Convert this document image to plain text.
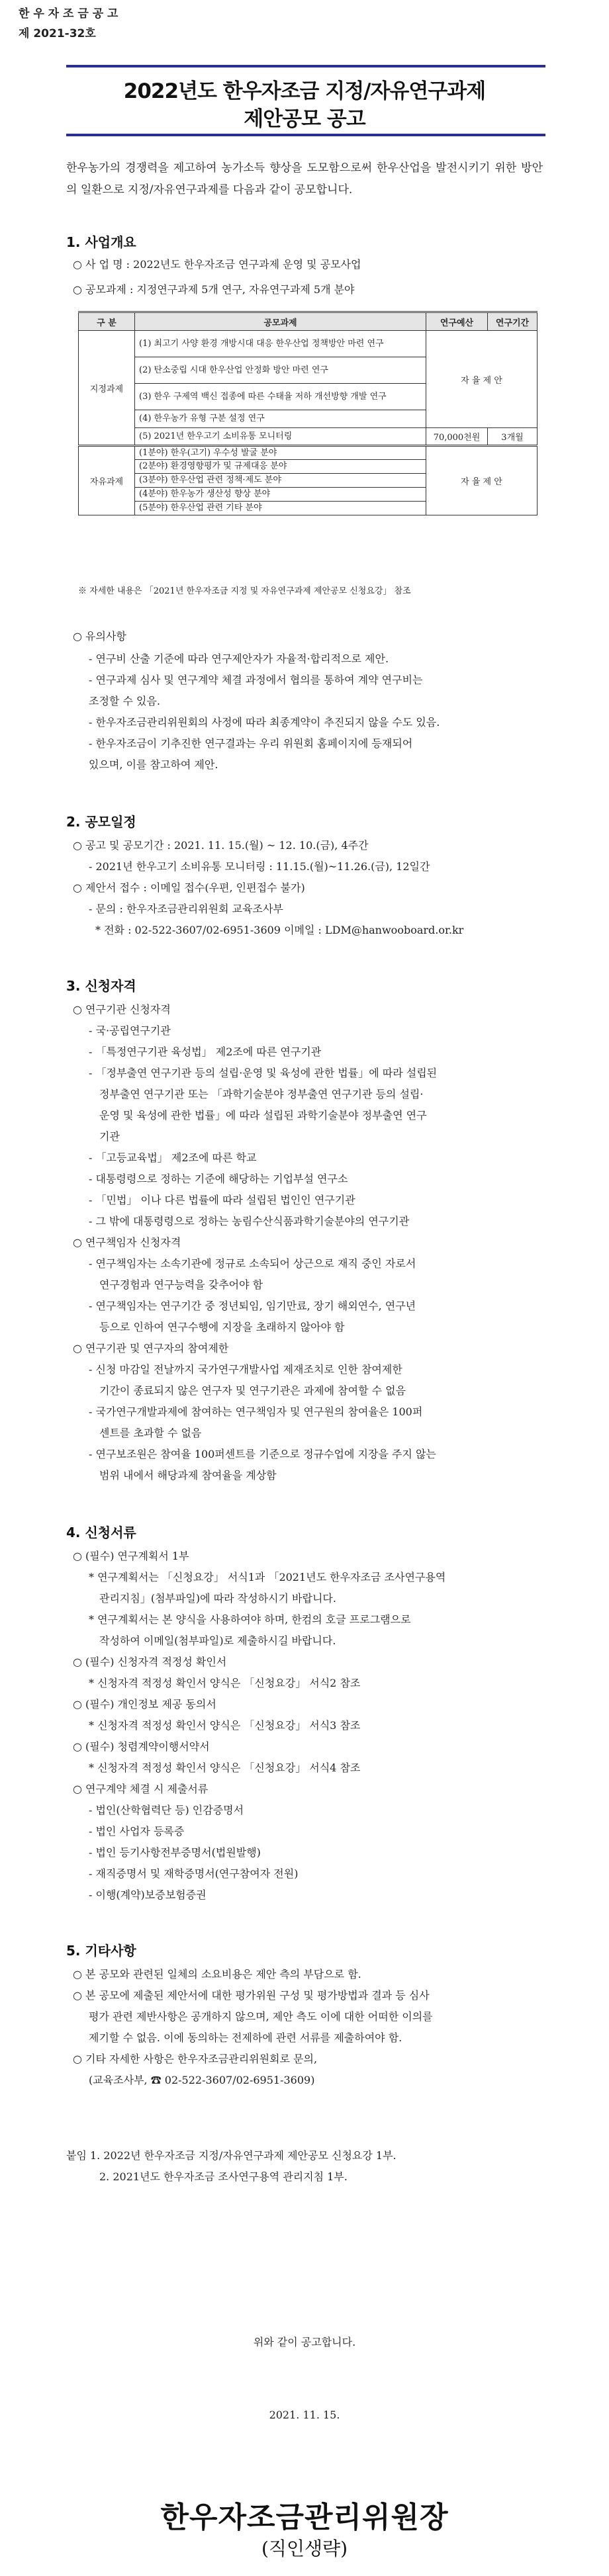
한 우 자 조 금 공 고
제 2021-32호
2022년도 한우자조금 지정/자유연구과제
제안공모 공고
한우농가의 경쟁력을 제고하여 농가소득 향상을 도모함으로써 한우산업을 발전시키기 위한 방안의 일환으로 지정/자유연구과제를 다음과 같이 공모합니다.
1. 사업개요
○ 사 업 명 : 2022년도 한우자조금 연구과제 운영 및 공모사업
○ 공모과제 : 지정연구과제 5개 연구, 자유연구과제 5개 분야
구 분	공모과제	연구예산	연구기간
지정과제	(1) 최고기 사양 환경 개방시대 대응 한우산업 정책방안 마련 연구	자 율 제 안	
	(2) 탄소중립 시대 한우산업 안정화 방안 마련 연구		
	(3) 한우 구제역 백신 접종에 따른 수태율 저하 개선방향 개발 연구		
	(4) 한우농가 유형 구분 설정 연구		
	(5) 2021년 한우고기 소비유통 모니터링	70,000천원	3개월
자유과제	(1분야) 한우(고기) 우수성 발굴 분야	자 율 제 안	
	(2분야) 환경영향평가 및 규제대응 분야		
	(3분야) 한우산업 관련 정책·제도 분야		
	(4분야) 한우농가 생산성 향상 분야		
	(5분야) 한우산업 관련 기타 분야		
※ 자세한 내용은 「2021년 한우자조금 지정 및 자유연구과제 제안공모 신청요강」 참조
○ 유의사항
- 연구비 산출 기준에 따라 연구제안자가 자율적·합리적으로 제안.
- 연구과제 심사 및 연구계약 체결 과정에서 협의를 통하여 계약 연구비는
조정할 수 있음.
- 한우자조금관리위원회의 사정에 따라 최종계약이 추진되지 않을 수도 있음.
- 한우자조금이 기추진한 연구결과는 우리 위원회 홈페이지에 등재되어
있으며, 이를 참고하여 제안.
2. 공모일정
○ 공고 및 공모기간 : 2021. 11. 15.(월) ~ 12. 10.(금), 4주간
- 2021년 한우고기 소비유통 모니터링 : 11.15.(월)~11.26.(금), 12일간
○ 제안서 접수 : 이메일 접수(우편, 인편접수 불가)
- 문의 : 한우자조금관리위원회 교육조사부
* 전화 : 02-522-3607/02-6951-3609 이메일 : LDM@hanwooboard.or.kr
3. 신청자격
○ 연구기관 신청자격
- 국·공립연구기관
- 「특정연구기관 육성법」 제2조에 따른 연구기관
- 「정부출연 연구기관 등의 설립·운영 및 육성에 관한 법률」에 따라 설립된
정부출연 연구기관 또는 「과학기술분야 정부출연 연구기관 등의 설립·
운영 및 육성에 관한 법률」에 따라 설립된 과학기술분야 정부출연 연구
기관
- 「고등교육법」 제2조에 따른 학교
- 대통령령으로 정하는 기준에 해당하는 기업부설 연구소
- 「민법」 이나 다른 법률에 따라 설립된 법인인 연구기관
- 그 밖에 대통령령으로 정하는 농림수산식품과학기술분야의 연구기관
○ 연구책임자 신청자격
- 연구책임자는 소속기관에 정규로 소속되어 상근으로 재직 중인 자로서
연구경험과 연구능력을 갖추어야 함
- 연구책임자는 연구기간 중 정년퇴임, 임기만료, 장기 해외연수, 연구년
등으로 인하여 연구수행에 지장을 초래하지 않아야 함
○ 연구기관 및 연구자의 참여제한
- 신청 마감일 전날까지 국가연구개발사업 제재조치로 인한 참여제한
기간이 종료되지 않은 연구자 및 연구기관은 과제에 참여할 수 없음
- 국가연구개발과제에 참여하는 연구책임자 및 연구원의 참여율은 100퍼
센트를 초과할 수 없음
- 연구보조원은 참여율 100퍼센트를 기준으로 정규수업에 지장을 주지 않는
범위 내에서 해당과제 참여율을 계상함
4. 신청서류
○ (필수) 연구계획서 1부
* 연구계획서는 「신청요강」 서식1과 「2021년도 한우자조금 조사연구용역
관리지침」(첨부파일)에 따라 작성하시기 바랍니다.
* 연구계획서는 본 양식을 사용하여야 하며, 한컴의 호글 프로그램으로
작성하여 이메일(첨부파일)로 제출하시길 바랍니다.
○ (필수) 신청자격 적정성 확인서
* 신청자격 적정성 확인서 양식은 「신청요강」 서식2 참조
○ (필수) 개인정보 제공 동의서
* 신청자격 적정성 확인서 양식은 「신청요강」 서식3 참조
○ (필수) 청렴계약이행서약서
* 신청자격 적정성 확인서 양식은 「신청요강」 서식4 참조
○ 연구계약 체결 시 제출서류
- 법인(산학협력단 등) 인감증명서
- 법인 사업자 등록증
- 법인 등기사항전부증명서(법원발행)
- 재직증명서 및 재학증명서(연구참여자 전원)
- 이행(계약)보증보험증권
5. 기타사항
○ 본 공모와 관련된 일체의 소요비용은 제안 측의 부담으로 함.
○ 본 공모에 제출된 제안서에 대한 평가위원 구성 및 평가방법과 결과 등 심사
평가 관련 제반사항은 공개하지 않으며, 제안 측도 이에 대한 어떠한 이의를
제기할 수 없음. 이에 동의하는 전제하에 관련 서류를 제출하여야 함.
○ 기타 자세한 사항은 한우자조금관리위원회로 문의,
(교육조사부, ☎ 02-522-3607/02-6951-3609)
붙임 1. 2022년 한우자조금 지정/자유연구과제 제안공모 신청요강 1부.
2. 2021년도 한우자조금 조사연구용역 관리지침 1부.
위와 같이 공고합니다.
2021. 11. 15.
한우자조금관리위원장
(직인생략)
